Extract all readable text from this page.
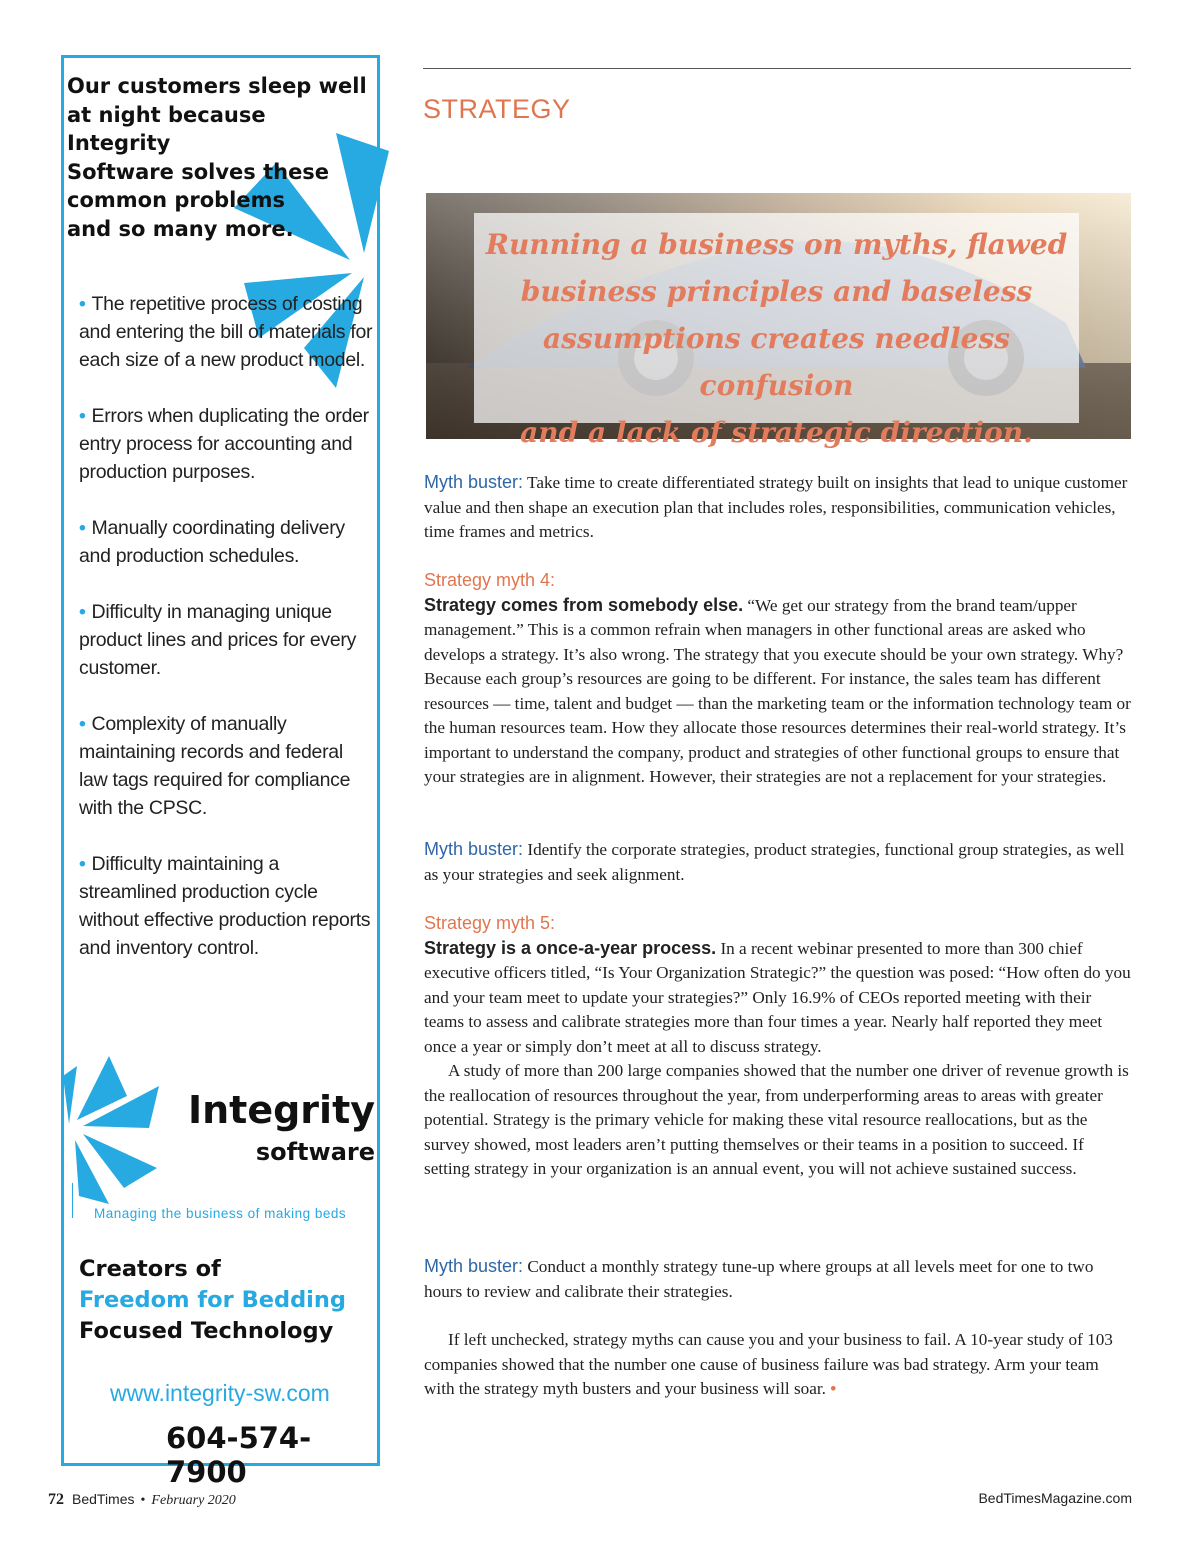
Our customers sleep well
at night because Integrity
Software solves these
common problems
and so many more.
• The repetitive process of costing and entering the bill of materials for each size of a new product model.
• Errors when duplicating the order entry process for accounting and production purposes.
• Manually coordinating delivery and production schedules.
• Difficulty in managing unique product lines and prices for every customer.
• Complexity of manually maintaining records and federal law tags required for compliance with the CPSC.
• Difficulty maintaining a streamlined production cycle without effective production reports and inventory control.
Integrity
software
Managing the business of making beds
Creators of
Freedom for Bedding
Focused Technology
www.integrity-sw.com
604-574-7900
STRATEGY
Running a business on myths, flawed
business principles and baseless
assumptions creates needless confusion
and a lack of strategic direction.

Myth buster: Take time to create differentiated strategy built on insights that lead to unique customer value and then shape an execution plan that includes roles, responsibilities, communication vehicles, time frames and metrics.

Strategy myth 4:

Strategy comes from somebody else. “We get our strategy from the brand team/upper management.” This is a common refrain when managers in other functional areas are asked who develops a strategy. It’s also wrong. The strategy that you execute should be your own strategy. Why? Because each group’s resources are going to be different. For instance, the sales team has different resources — time, talent and budget — than the marketing team or the information technology team or the human resources team. How they allocate those resources determines their real-world strategy. It’s important to understand the company, product and strategies of other functional groups to ensure that your strategies are in alignment. However, their strategies are not a replacement for your strategies.

Myth buster: Identify the corporate strategies, product strategies, functional group strategies, as well as your strategies and seek alignment.

Strategy myth 5:

Strategy is a once-a-year process. In a recent webinar presented to more than 300 chief executive officers titled, “Is Your Organization Strategic?” the question was posed: “How often do you and your team meet to update your strategies?” Only 16.9% of CEOs reported meeting with their teams to assess and calibrate strategies more than four times a year. Nearly half reported they meet once a year or simply don’t meet at all to discuss strategy.

A study of more than 200 large companies showed that the number one driver of revenue growth is the reallocation of resources throughout the year, from underperforming areas to areas with greater potential. Strategy is the primary vehicle for making these vital resource reallocations, but as the survey showed, most leaders aren’t putting themselves or their teams in a position to succeed. If setting strategy in your organization is an annual event, you will not achieve sustained success.

Myth buster: Conduct a monthly strategy tune-up where groups at all levels meet for one to two hours to review and calibrate their strategies.

If left unchecked, strategy myths can cause you and your business to fail. A 10-year study of 103 companies showed that the number one cause of business failure was bad strategy. Arm your team with the strategy myth busters and your business will soar. •

72 BedTimes • February 2020	BedTimesMagazine.com
